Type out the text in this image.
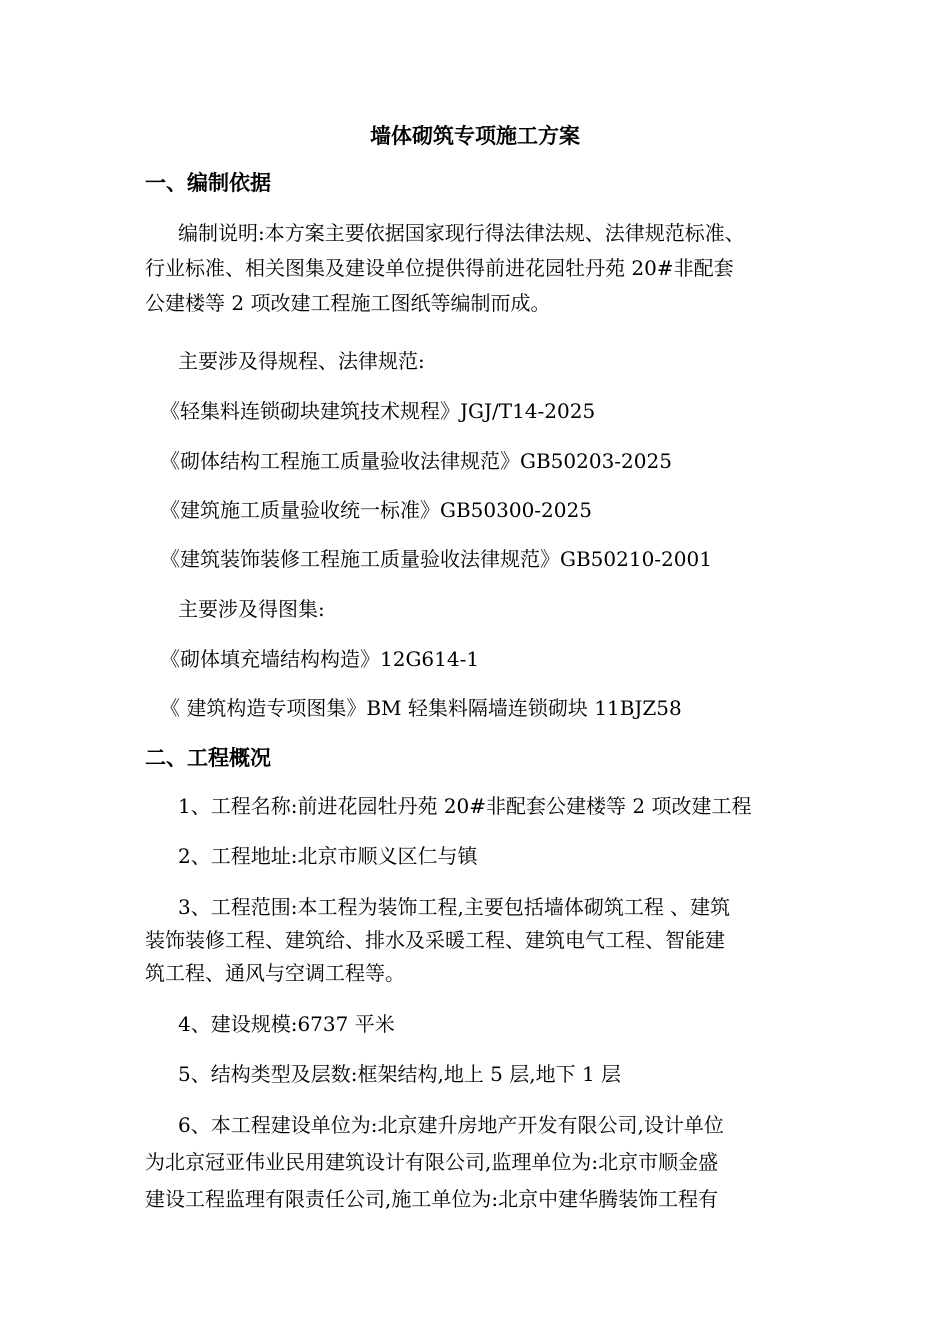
墙体砌筑专项施工方案
一、编制依据
编制说明:本方案主要依据国家现行得法律法规、法律规范标准、
行业标准、相关图集及建设单位提供得前进花园牡丹苑 20#非配套
公建楼等 2 项改建工程施工图纸等编制而成。
主要涉及得规程、法律规范:
《轻集料连锁砌块建筑技术规程》JGJ/T14-2025
《砌体结构工程施工质量验收法律规范》GB50203-2025
《建筑施工质量验收统一标准》GB50300-2025
《建筑装饰装修工程施工质量验收法律规范》GB50210-2001
主要涉及得图集:
《砌体填充墙结构构造》12G614-1
《 建筑构造专项图集》BM 轻集料隔墙连锁砌块 11BJZ58
二、工程概况
1、工程名称:前进花园牡丹苑 20#非配套公建楼等 2 项改建工程
2、工程地址:北京市顺义区仁与镇
3、工程范围:本工程为装饰工程,主要包括墙体砌筑工程 、建筑
装饰装修工程、建筑给、排水及采暖工程、建筑电气工程、智能建
筑工程、通风与空调工程等。
4、建设规模:6737 平米
5、结构类型及层数:框架结构,地上 5 层,地下 1 层
6、本工程建设单位为:北京建升房地产开发有限公司,设计单位
为北京冠亚伟业民用建筑设计有限公司,监理单位为:北京市顺金盛
建设工程监理有限责任公司,施工单位为:北京中建华腾装饰工程有
